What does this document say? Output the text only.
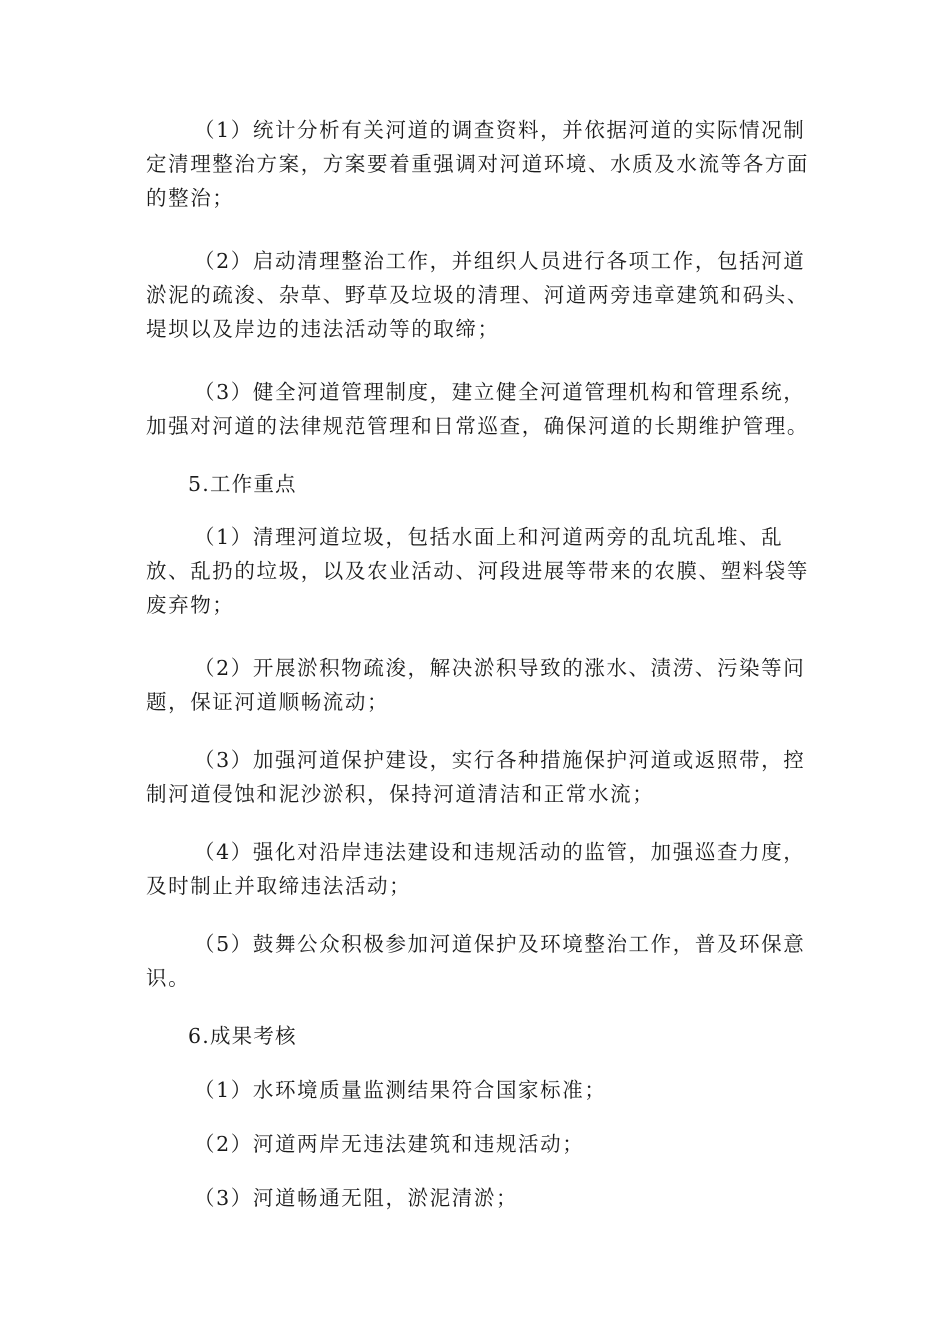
（1）统计分析有关河道的调查资料，并依据河道的实际情况制定清理整治方案，方案要着重强调对河道环境、水质及水流等各方面的整治；

（2）启动清理整治工作，并组织人员进行各项工作，包括河道淤泥的疏浚、杂草、野草及垃圾的清理、河道两旁违章建筑和码头、堤坝以及岸边的违法活动等的取缔；

（3）健全河道管理制度，建立健全河道管理机构和管理系统，加强对河道的法律规范管理和日常巡查，确保河道的长期维护管理。

5.工作重点

（1）清理河道垃圾，包括水面上和河道两旁的乱坑乱堆、乱放、乱扔的垃圾，以及农业活动、河段进展等带来的农膜、塑料袋等废弃物；

（2）开展淤积物疏浚，解决淤积导致的涨水、渍涝、污染等问题，保证河道顺畅流动；

（3）加强河道保护建设，实行各种措施保护河道或返照带，控制河道侵蚀和泥沙淤积，保持河道清洁和正常水流；

（4）强化对沿岸违法建设和违规活动的监管，加强巡查力度，及时制止并取缔违法活动；

（5）鼓舞公众积极参加河道保护及环境整治工作，普及环保意识。

6.成果考核

（1）水环境质量监测结果符合国家标准；

（2）河道两岸无违法建筑和违规活动；

（3）河道畅通无阻，淤泥清淤；
